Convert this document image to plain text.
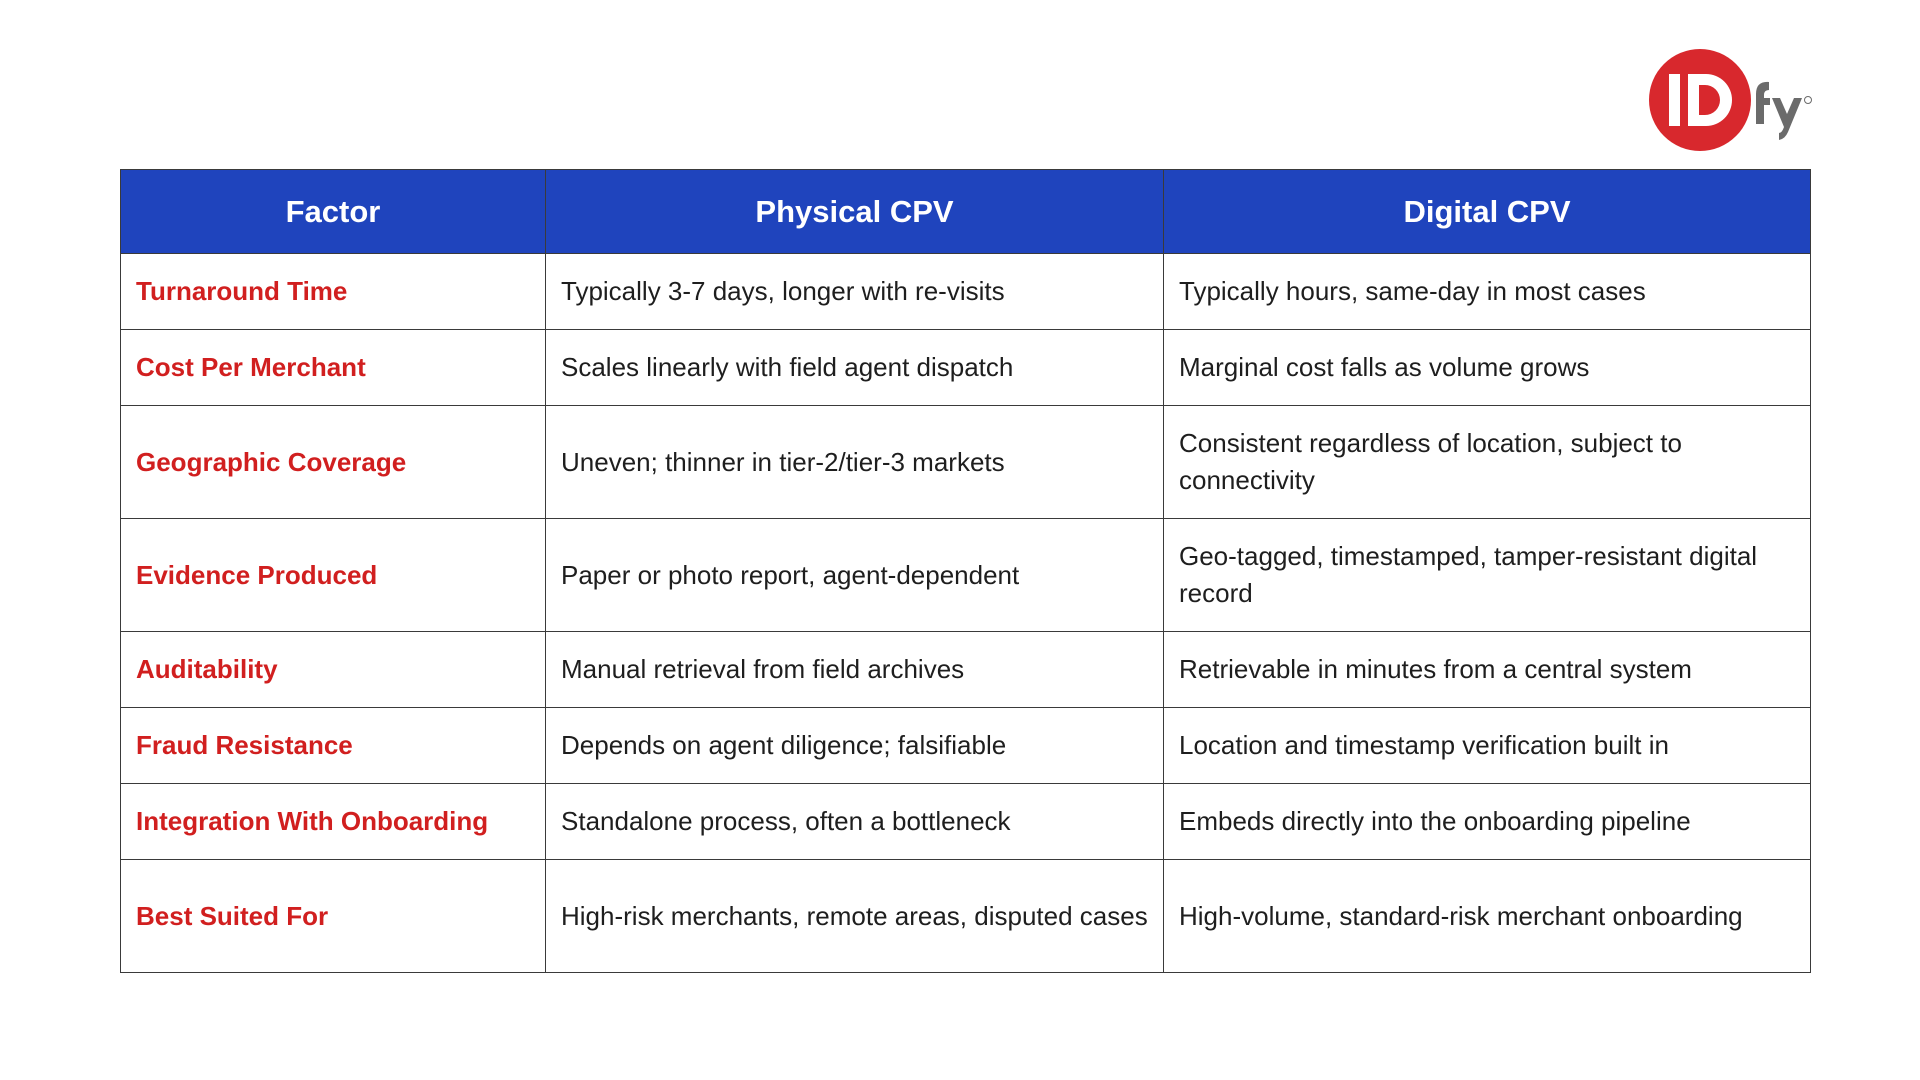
Factor	Physical CPV	Digital CPV
Turnaround Time	Typically 3-7 days, longer with re-visits	Typically hours, same-day in most cases
Cost Per Merchant	Scales linearly with field agent dispatch	Marginal cost falls as volume grows
Geographic Coverage	Uneven; thinner in tier-2/tier-3 markets	Consistent regardless of location, subject to connectivity
Evidence Produced	Paper or photo report, agent-dependent	Geo-tagged, timestamped, tamper-resistant digital record
Auditability	Manual retrieval from field archives	Retrievable in minutes from a central system
Fraud Resistance	Depends on agent diligence; falsifiable	Location and timestamp verification built in
Integration With Onboarding	Standalone process, often a bottleneck	Embeds directly into the onboarding pipeline
Best Suited For	High-risk merchants, remote areas, disputed cases	High-volume, standard-risk merchant onboarding
